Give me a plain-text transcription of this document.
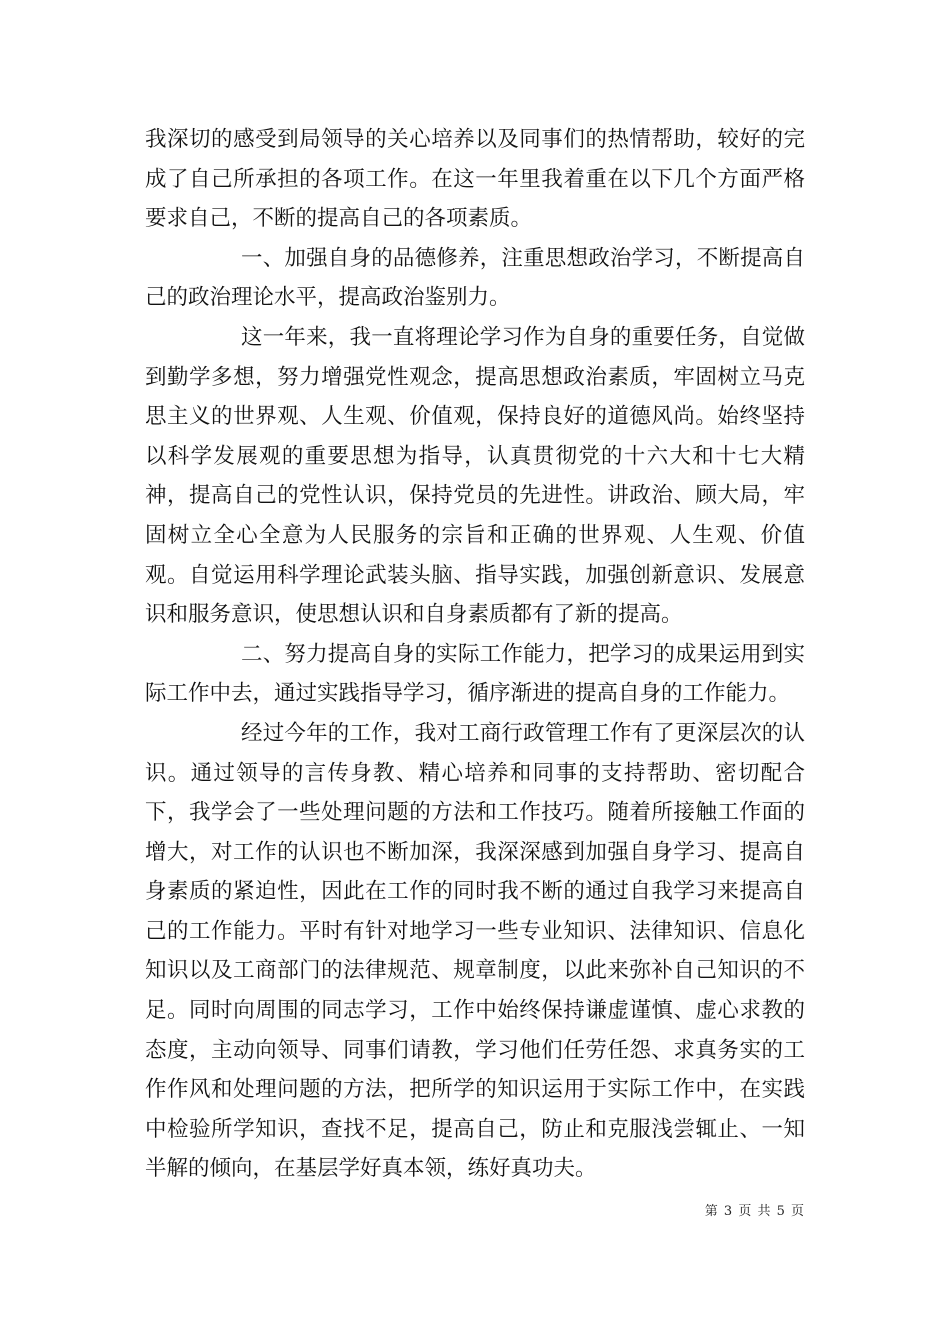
我深切的感受到局领导的关心培养以及同事们的热情帮助，较好的完成了自己所承担的各项工作。在这一年里我着重在以下几个方面严格要求自己，不断的提高自己的各项素质。

一、加强自身的品德修养，注重思想政治学习，不断提高自己的政治理论水平，提高政治鉴别力。

这一年来，我一直将理论学习作为自身的重要任务，自觉做到勤学多想，努力增强党性观念，提高思想政治素质，牢固树立马克思主义的世界观、人生观、价值观，保持良好的道德风尚。始终坚持以科学发展观的重要思想为指导，认真贯彻党的十六大和十七大精神，提高自己的党性认识，保持党员的先进性。讲政治、顾大局，牢固树立全心全意为人民服务的宗旨和正确的世界观、人生观、价值观。自觉运用科学理论武装头脑、指导实践，加强创新意识、发展意识和服务意识，使思想认识和自身素质都有了新的提高。

二、努力提高自身的实际工作能力，把学习的成果运用到实际工作中去，通过实践指导学习，循序渐进的提高自身的工作能力。

经过今年的工作，我对工商行政管理工作有了更深层次的认识。通过领导的言传身教、精心培养和同事的支持帮助、密切配合下，我学会了一些处理问题的方法和工作技巧。随着所接触工作面的增大，对工作的认识也不断加深，我深深感到加强自身学习、提高自身素质的紧迫性，因此在工作的同时我不断的通过自我学习来提高自己的工作能力。平时有针对地学习一些专业知识、法律知识、信息化知识以及工商部门的法律规范、规章制度，以此来弥补自己知识的不足。同时向周围的同志学习，工作中始终保持谦虚谨慎、虚心求教的态度，主动向领导、同事们请教，学习他们任劳任怨、求真务实的工作作风和处理问题的方法，把所学的知识运用于实际工作中，在实践中检验所学知识，查找不足，提高自己，防止和克服浅尝辄止、一知半解的倾向，在基层学好真本领，练好真功夫。

第 3 页 共 5 页
